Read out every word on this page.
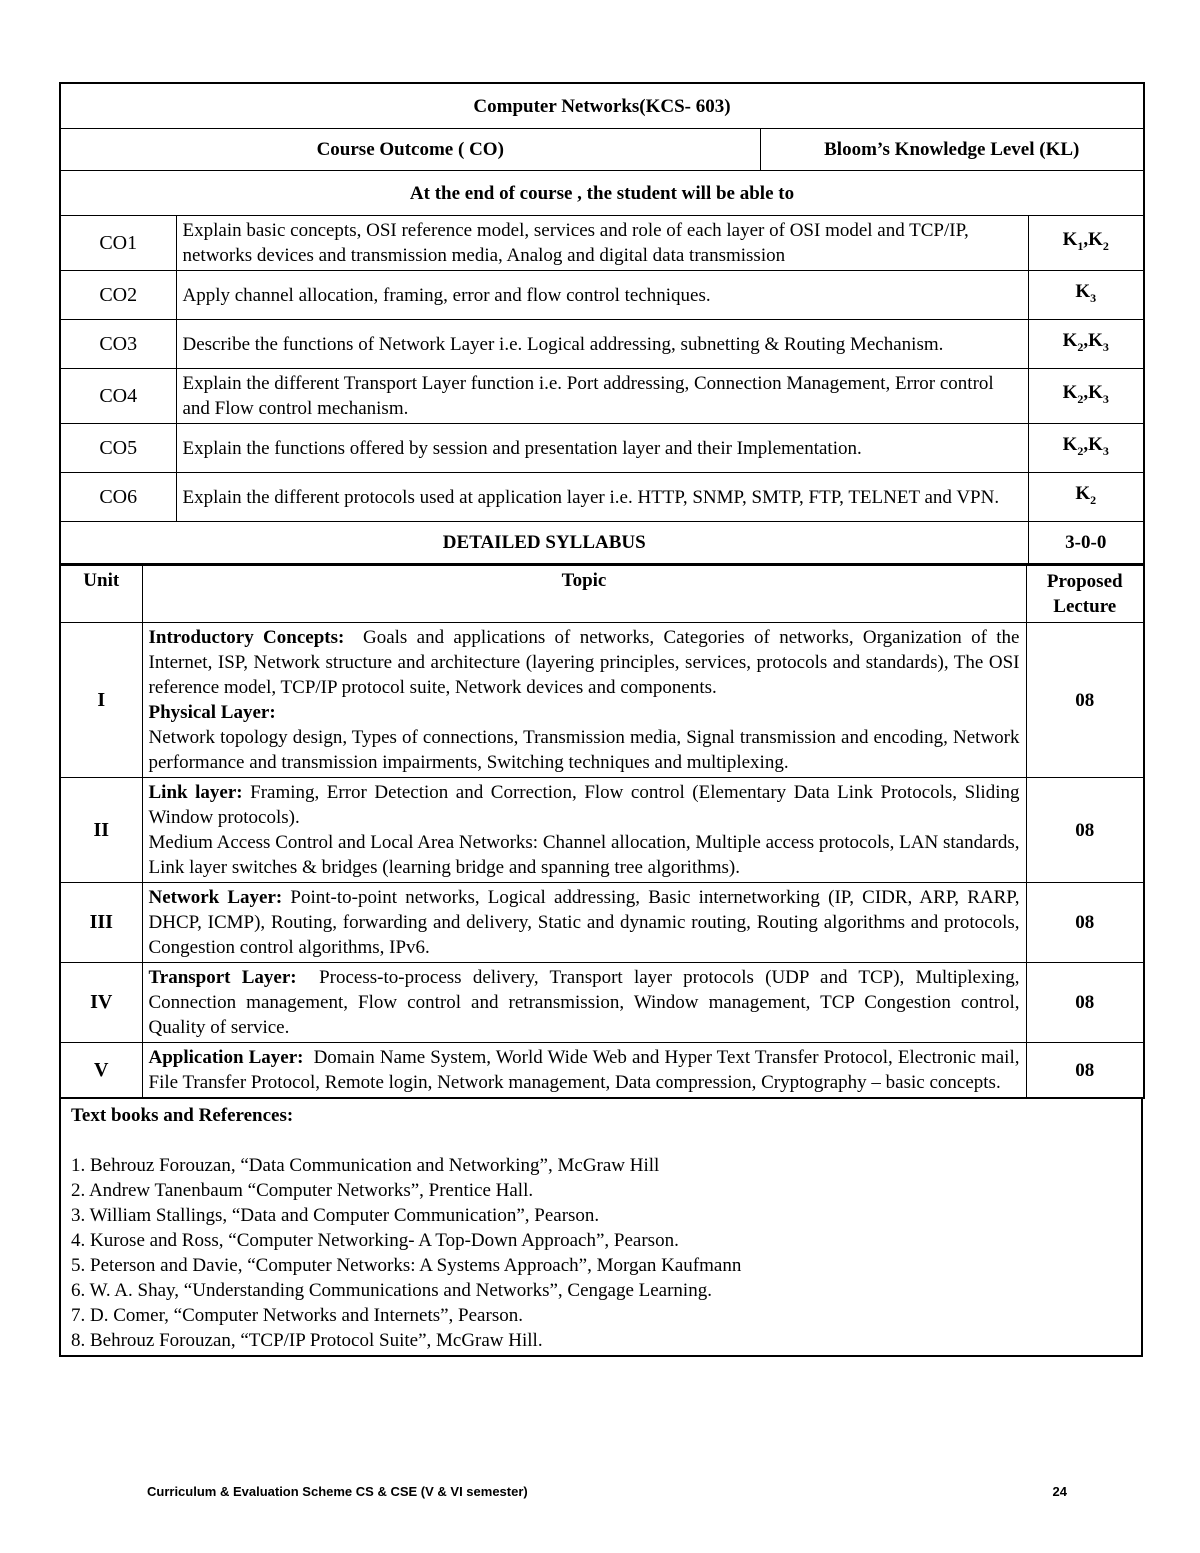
Computer Networks(KCS- 603)			
Course Outcome ( CO)		Bloom’s Knowledge Level (KL)	
At the end of course , the student will be able to			
CO1	Explain basic concepts, OSI reference model, services and role of each layer of OSI model and TCP/IP, networks devices and transmission media, Analog and digital data transmission		$K_1,K_2$
CO2	Apply channel allocation, framing, error and flow control techniques.		$K_3$
CO3	Describe the functions of Network Layer i.e. Logical addressing, subnetting & Routing Mechanism.		$K_2,K_3$
CO4	Explain the different Transport Layer function i.e. Port addressing, Connection Management, Error control and Flow control mechanism.		$K_2,K_3$
CO5	Explain the functions offered by session and presentation layer and their Implementation.		$K_2,K_3$
CO6	Explain the different protocols used at application layer i.e. HTTP, SNMP, SMTP, FTP, TELNET and VPN.		$K_2$
DETAILED SYLLABUS			3-0-0
Unit	Topic	Proposed Lecture
I	Introductory Concepts:  Goals and applications of networks, Categories of networks, Organization of the Internet, ISP, Network structure and architecture (layering principles, services, protocols and standards), The OSI reference model, TCP/IP protocol suite, Network devices and components.
Physical Layer:
Network topology design, Types of connections, Transmission media, Signal transmission and encoding, Network performance and transmission impairments, Switching techniques and multiplexing.	08
II	Link layer: Framing, Error Detection and Correction, Flow control (Elementary Data Link Protocols, Sliding Window protocols).
Medium Access Control and Local Area Networks: Channel allocation, Multiple access protocols, LAN standards, Link layer switches & bridges (learning bridge and spanning tree algorithms).	08
III	Network Layer: Point-to-point networks, Logical addressing, Basic internetworking (IP, CIDR, ARP, RARP, DHCP, ICMP), Routing, forwarding and delivery, Static and dynamic routing, Routing algorithms and protocols, Congestion control algorithms, IPv6.	08
IV	Transport Layer:  Process-to-process delivery, Transport layer protocols (UDP and TCP), Multiplexing, Connection management, Flow control and retransmission, Window management, TCP Congestion control, Quality of service.	08
V	Application Layer:  Domain Name System, World Wide Web and Hyper Text Transfer Protocol, Electronic mail, File Transfer Protocol, Remote login, Network management, Data compression, Cryptography – basic concepts.	08
Text books and References:
1. Behrouz Forouzan, “Data Communication and Networking”, McGraw Hill
2. Andrew Tanenbaum “Computer Networks”, Prentice Hall.
3. William Stallings, “Data and Computer Communication”, Pearson.
4. Kurose and Ross, “Computer Networking- A Top-Down Approach”, Pearson.
5. Peterson and Davie, “Computer Networks: A Systems Approach”, Morgan Kaufmann
6. W. A. Shay, “Understanding Communications and Networks”, Cengage Learning.
7. D. Comer, “Computer Networks and Internets”, Pearson.
8. Behrouz Forouzan, “TCP/IP Protocol Suite”, McGraw Hill.
Curriculum & Evaluation Scheme CS & CSE (V & VI semester)	24
